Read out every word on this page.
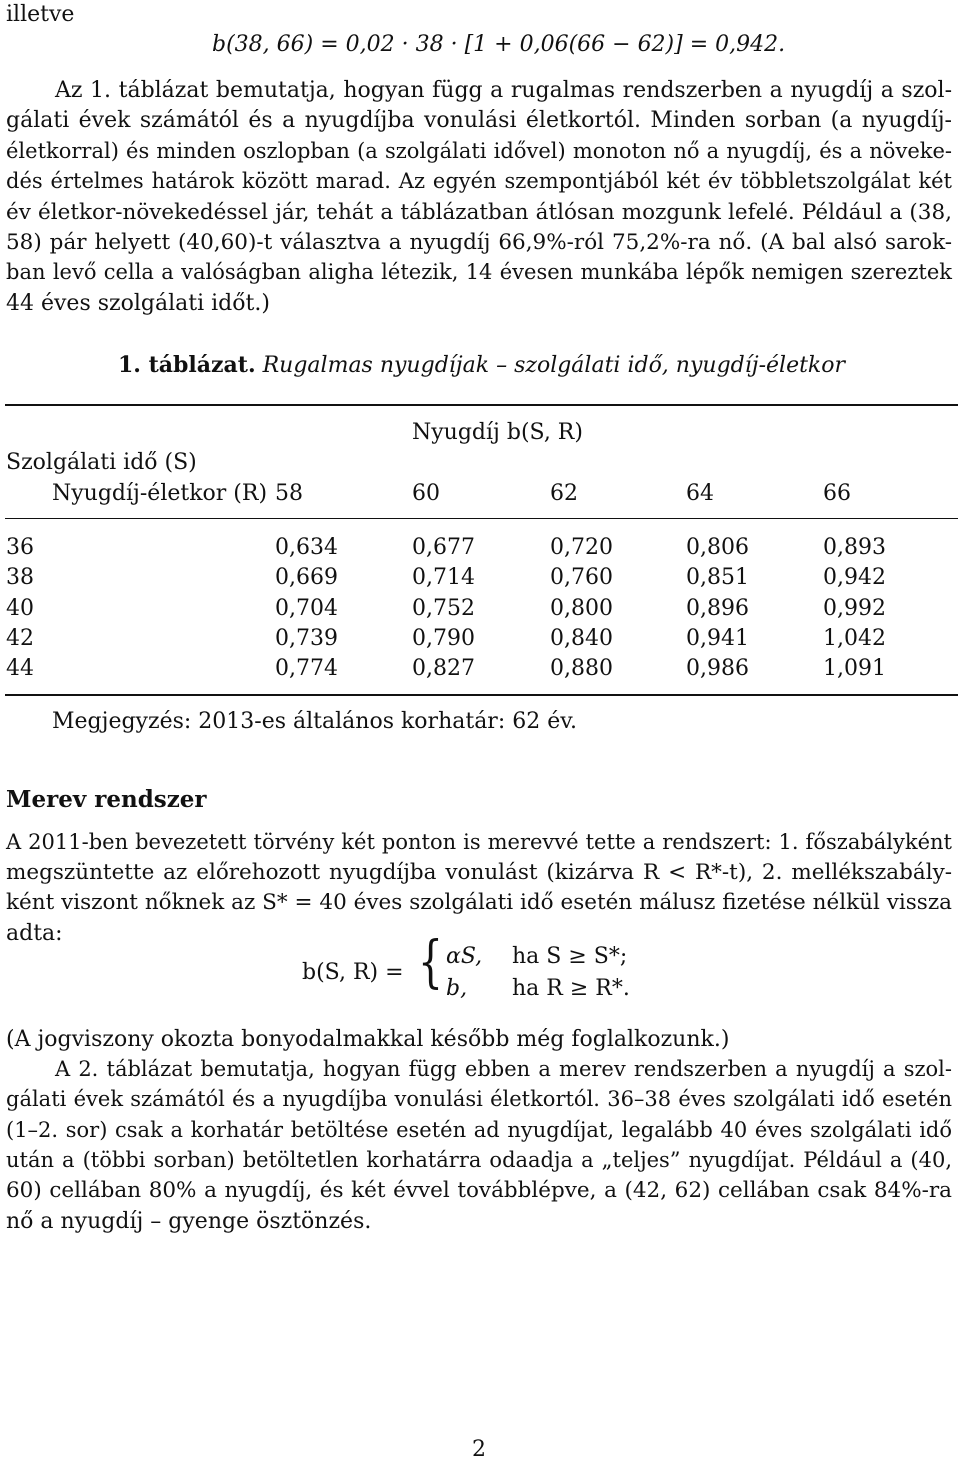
illetve
b(38, 66) = 0,02 · 38 · [1 + 0,06(66 − 62)] = 0,942.
Az 1. táblázat bemutatja, hogyan függ a rugalmas rendszerben a nyugdíj a szol-
gálati évek számától és a nyugdíjba vonulási életkortól. Minden sorban (a nyugdíj-
életkorral) és minden oszlopban (a szolgálati idővel) monoton nő a nyugdíj, és a növeke-
dés értelmes határok között marad. Az egyén szempontjából két év többletszolgálat két
év életkor-növekedéssel jár, tehát a táblázatban átlósan mozgunk lefelé. Például a (38,
58) pár helyett (40,60)-t választva a nyugdíj 66,9%-ról 75,2%-ra nő. (A bal alsó sarok-
ban levő cella a valóságban aligha létezik, 14 évesen munkába lépők nemigen szereztek
44 éves szolgálati időt.)
1. táblázat. Rugalmas nyugdíjak – szolgálati idő, nyugdíj-életkor
Nyugdíj b(S, R)
Szolgálati idő (S)
Nyugdíj-életkor (R) 58	60	62	64	66
36	0,634	0,677	0,720	0,806	0,893
38	0,669	0,714	0,760	0,851	0,942
40	0,704	0,752	0,800	0,896	0,992
42	0,739	0,790	0,840	0,941	1,042
44	0,774	0,827	0,880	0,986	1,091
Megjegyzés: 2013-es általános korhatár: 62 év.
Merev rendszer
A 2011-ben bevezetett törvény két ponton is merevvé tette a rendszert: 1. főszabályként
megszüntette az előrehozott nyugdíjba vonulást (kizárva R < R*-t), 2. mellékszabály-
ként viszont nőknek az S* = 40 éves szolgálati idő esetén málusz fizetése nélkül vissza
adta:
b(S, R) = { αS, ha S ≥ S*;
b, ha R ≥ R*.
(A jogviszony okozta bonyodalmakkal később még foglalkozunk.)
A 2. táblázat bemutatja, hogyan függ ebben a merev rendszerben a nyugdíj a szol-
gálati évek számától és a nyugdíjba vonulási életkortól. 36–38 éves szolgálati idő esetén
(1–2. sor) csak a korhatár betöltése esetén ad nyugdíjat, legalább 40 éves szolgálati idő
után a (többi sorban) betöltetlen korhatárra odaadja a „teljes” nyugdíjat. Például a (40,
60) cellában 80% a nyugdíj, és két évvel továbblépve, a (42, 62) cellában csak 84%-ra
nő a nyugdíj – gyenge ösztönzés.
2
